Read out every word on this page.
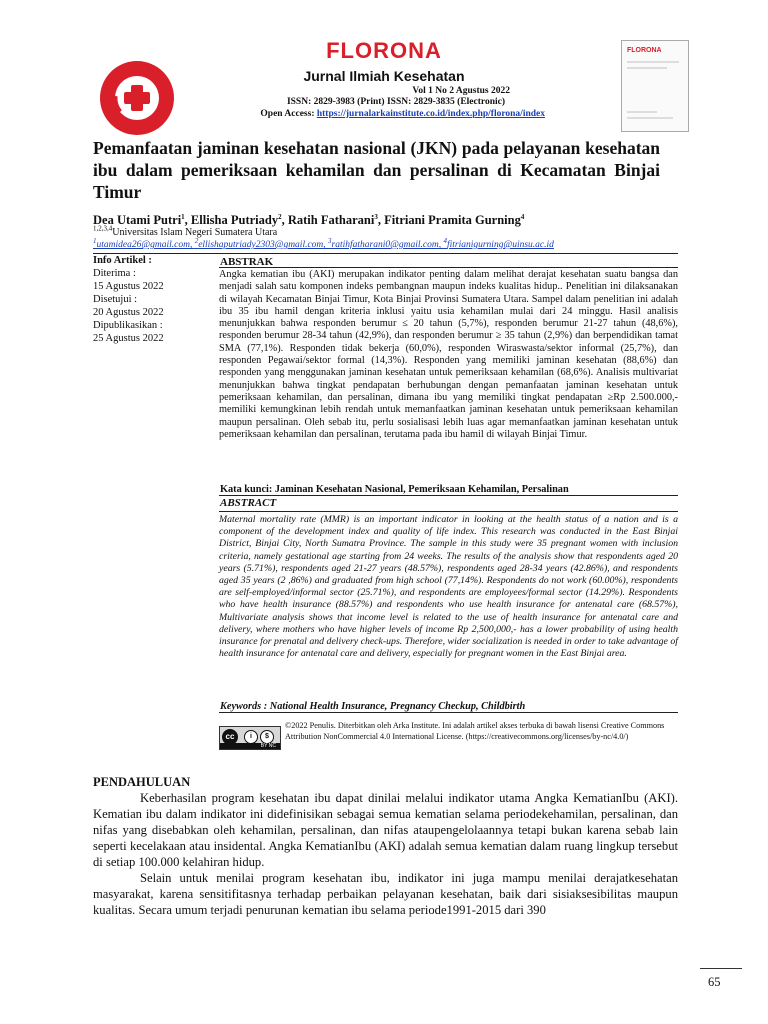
FLORONA
Jurnal Ilmiah Kesehatan
Vol 1 No 2 Agustus 2022
ISSN: 2829-3983 (Print) ISSN: 2829-3835 (Electronic)
Open Access: https://jurnalarkainstitute.co.id/index.php/florona/index
FLORONA
Pemanfaatan jaminan kesehatan nasional (JKN) pada pelayanan kesehatan ibu dalam pemeriksaan kehamilan dan persalinan di Kecamatan Binjai Timur
Dea Utami Putri$^1$, Ellisha Putriady$^2$, Ratih Fatharani$^3$, Fitriani Pramita Gurning$^4$
$^{1,2,3,4}$Universitas Islam Negeri Sumatera Utara
$^1$utamidea26@gmail.com, $^2$ellishaputriady2303@gmail.com, $^3$ratihfatharani0@gmail.com, $^4$fitrianigurning@uinsu.ac.id
Info Artikel :
Diterima :
15 Agustus 2022
Disetujui :
20 Agustus 2022
Dipublikasikan :
25 Agustus 2022
ABSTRAK
Angka kematian ibu (AKI) merupakan indikator penting dalam melihat derajat kesehatan suatu bangsa dan menjadi salah satu komponen indeks pembangnan maupun indeks kualitas hidup.. Penelitian ini dilaksanakan di wilayah Kecamatan Binjai Timur, Kota Binjai Provinsi Sumatera Utara. Sampel dalam penelitian ini adalah ibu 35 ibu hamil dengan kriteria inklusi yaitu usia kehamilan mulai dari 24 minggu. Hasil analisis menunjukkan bahwa responden berumur ≤ 20 tahun (5,7%), responden berumur 21-27 tahun (48,6%), responden berumur 28-34 tahun (42,9%), dan responden berumur ≥ 35 tahun (2,9%) dan berpendidikan tamat SMA (77,1%). Responden tidak bekerja (60,0%), responden Wiraswasta/sektor informal (25,7%), dan responden Pegawai/sektor formal (14,3%). Responden yang memiliki jaminan kesehatan (88,6%) dan responden yang menggunakan jaminan kesehatan untuk pemeriksaan kehamilan (68,6%). Analisis multivariat menunjukkan bahwa tingkat pendapatan berhubungan dengan pemanfaatan jaminan kesehatan untuk pemeriksaan kehamilan, dan persalinan, dimana ibu yang memiliki tingkat pendapatan ≥Rp 2.500.000,- memiliki kemungkinan lebih rendah untuk memanfaatkan jaminan kesehatan untuk pemeriksaan kehamilan maupun persalinan. Oleh sebab itu, perlu sosialisasi lebih luas agar memanfaatkan jaminan kesehatan untuk pemeriksaan kehamilan dan persalinan, terutama pada ibu hamil di wilayah Binjai Timur.
Kata kunci: Jaminan Kesehatan Nasional, Pemeriksaan Kehamilan, Persalinan
ABSTRACT
Maternal mortality rate (MMR) is an important indicator in looking at the health status of a nation and is a component of the development index and quality of life index. This research was conducted in the East Binjai District, Binjai City, North Sumatra Province. The sample in this study were 35 pregnant women with inclusion criteria, namely gestational age starting from 24 weeks. The results of the analysis show that respondents aged 20 years (5.71%), respondents aged 21-27 years (48.57%), respondents aged 28-34 years (42.86%), and respondents aged 35 years (2 ,86%) and graduated from high school (77,14%). Respondents do not work (60.00%), respondents are self-employed/informal sector (25.71%), and respondents are employees/formal sector (14.29%). Respondents who have health insurance (88.57%) and respondents who use health insurance for antenatal care (68.57%), Multivariate analysis shows that income level is related to the use of health insurance for antenatal care and delivery, where mothers who have higher levels of income Rp 2,500,000,- has a lower probability of using health insurance for prenatal and delivery check-ups. Therefore, wider socialization is needed in order to take advantage of health insurance for antenatal care and delivery, especially for pregnant women in the East Binjai area.
Keywords : National Health Insurance, Pregnancy Checkup, Childbirth
cc	i	$
BY NC
©2022 Penulis. Diterbitkan oleh Arka Institute. Ini adalah artikel akses terbuka di bawah lisensi Creative Commons Attribution NonCommercial 4.0 International License. (https://creativecommons.org/licenses/by-nc/4.0/)
PENDAHULUAN

Keberhasilan program kesehatan ibu dapat dinilai melalui indikator utama Angka KematianIbu (AKI). Kematian ibu dalam indikator ini didefinisikan sebagai semua kematian selama periodekehamilan, persalinan, dan nifas yang disebabkan oleh kehamilan, persalinan, dan nifas ataupengelolaannya tetapi bukan karena sebab lain seperti kecelakaan atau insidental. Angka KematianIbu (AKI) adalah semua kematian dalam ruang lingkup tersebut di setiap 100.000 kelahiran hidup.

Selain untuk menilai program kesehatan ibu, indikator ini juga mampu menilai derajatkesehatan masyarakat, karena sensitifitasnya terhadap perbaikan pelayanan kesehatan, baik dari sisiaksesibilitas maupun kualitas. Secara umum terjadi penurunan kematian ibu selama periode1991-2015 dari 390

65
